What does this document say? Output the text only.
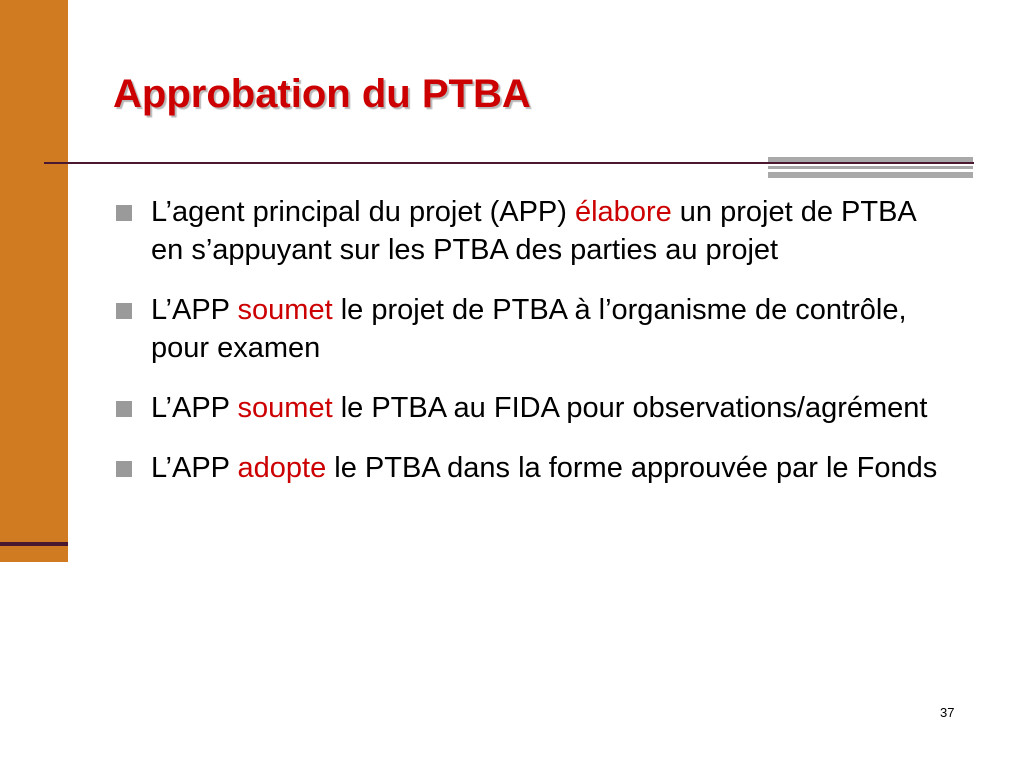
Approbation du PTBA
L’agent principal du projet (APP) élabore un projet de PTBA en s’appuyant sur les PTBA des parties au projet
L’APP soumet le projet de PTBA à l’organisme de contrôle, pour examen
L’APP soumet le PTBA au FIDA pour observations/agrément
L’APP adopte le PTBA dans la forme approuvée par le Fonds
37
